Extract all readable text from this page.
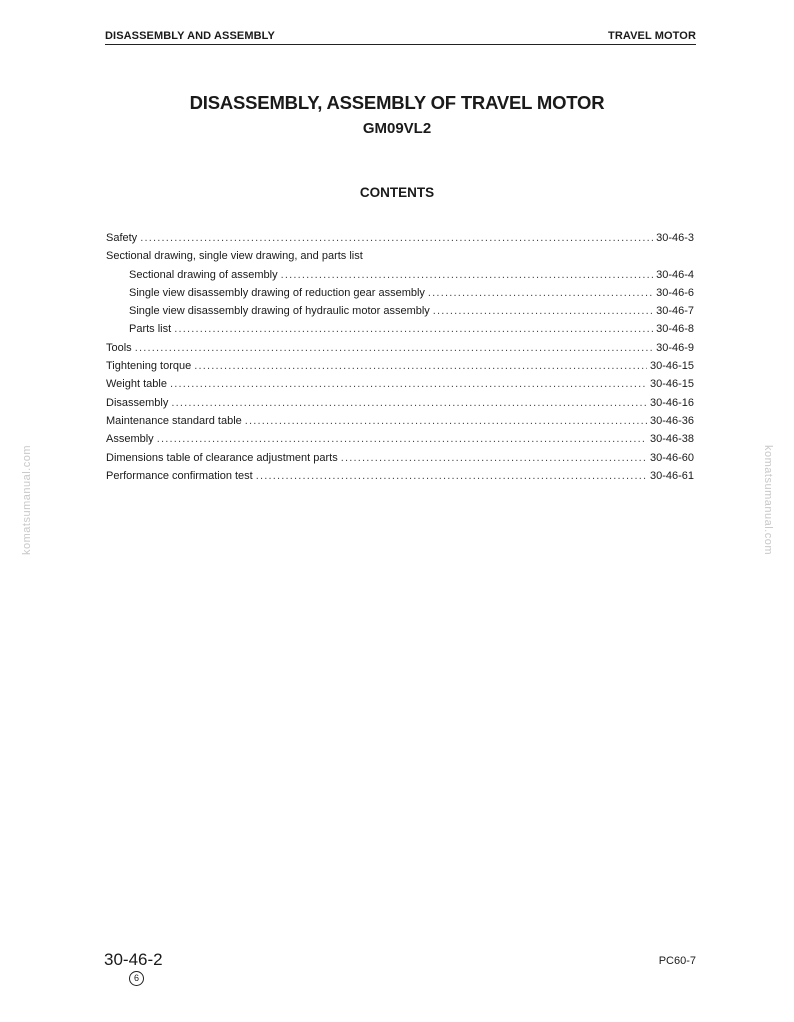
DISASSEMBLY AND ASSEMBLY	TRAVEL MOTOR
DISASSEMBLY, ASSEMBLY OF TRAVEL MOTOR
GM09VL2
CONTENTS
Safety .....	30-46-3
Sectional drawing, single view drawing, and parts list
Sectional drawing of assembly .....	30-46-4
Single view disassembly drawing of reduction gear assembly .....	30-46-6
Single view disassembly drawing of hydraulic motor assembly .....	30-46-7
Parts list .....	30-46-8
Tools .....	30-46-9
Tightening torque .....	30-46-15
Weight table .....	30-46-15
Disassembly .....	30-46-16
Maintenance standard table .....	30-46-36
Assembly .....	30-46-38
Dimensions table of clearance adjustment parts .....	30-46-60
Performance confirmation test .....	30-46-61
komatsumanual.com	komatsumanual.com
30-46-2
6
PC60-7
